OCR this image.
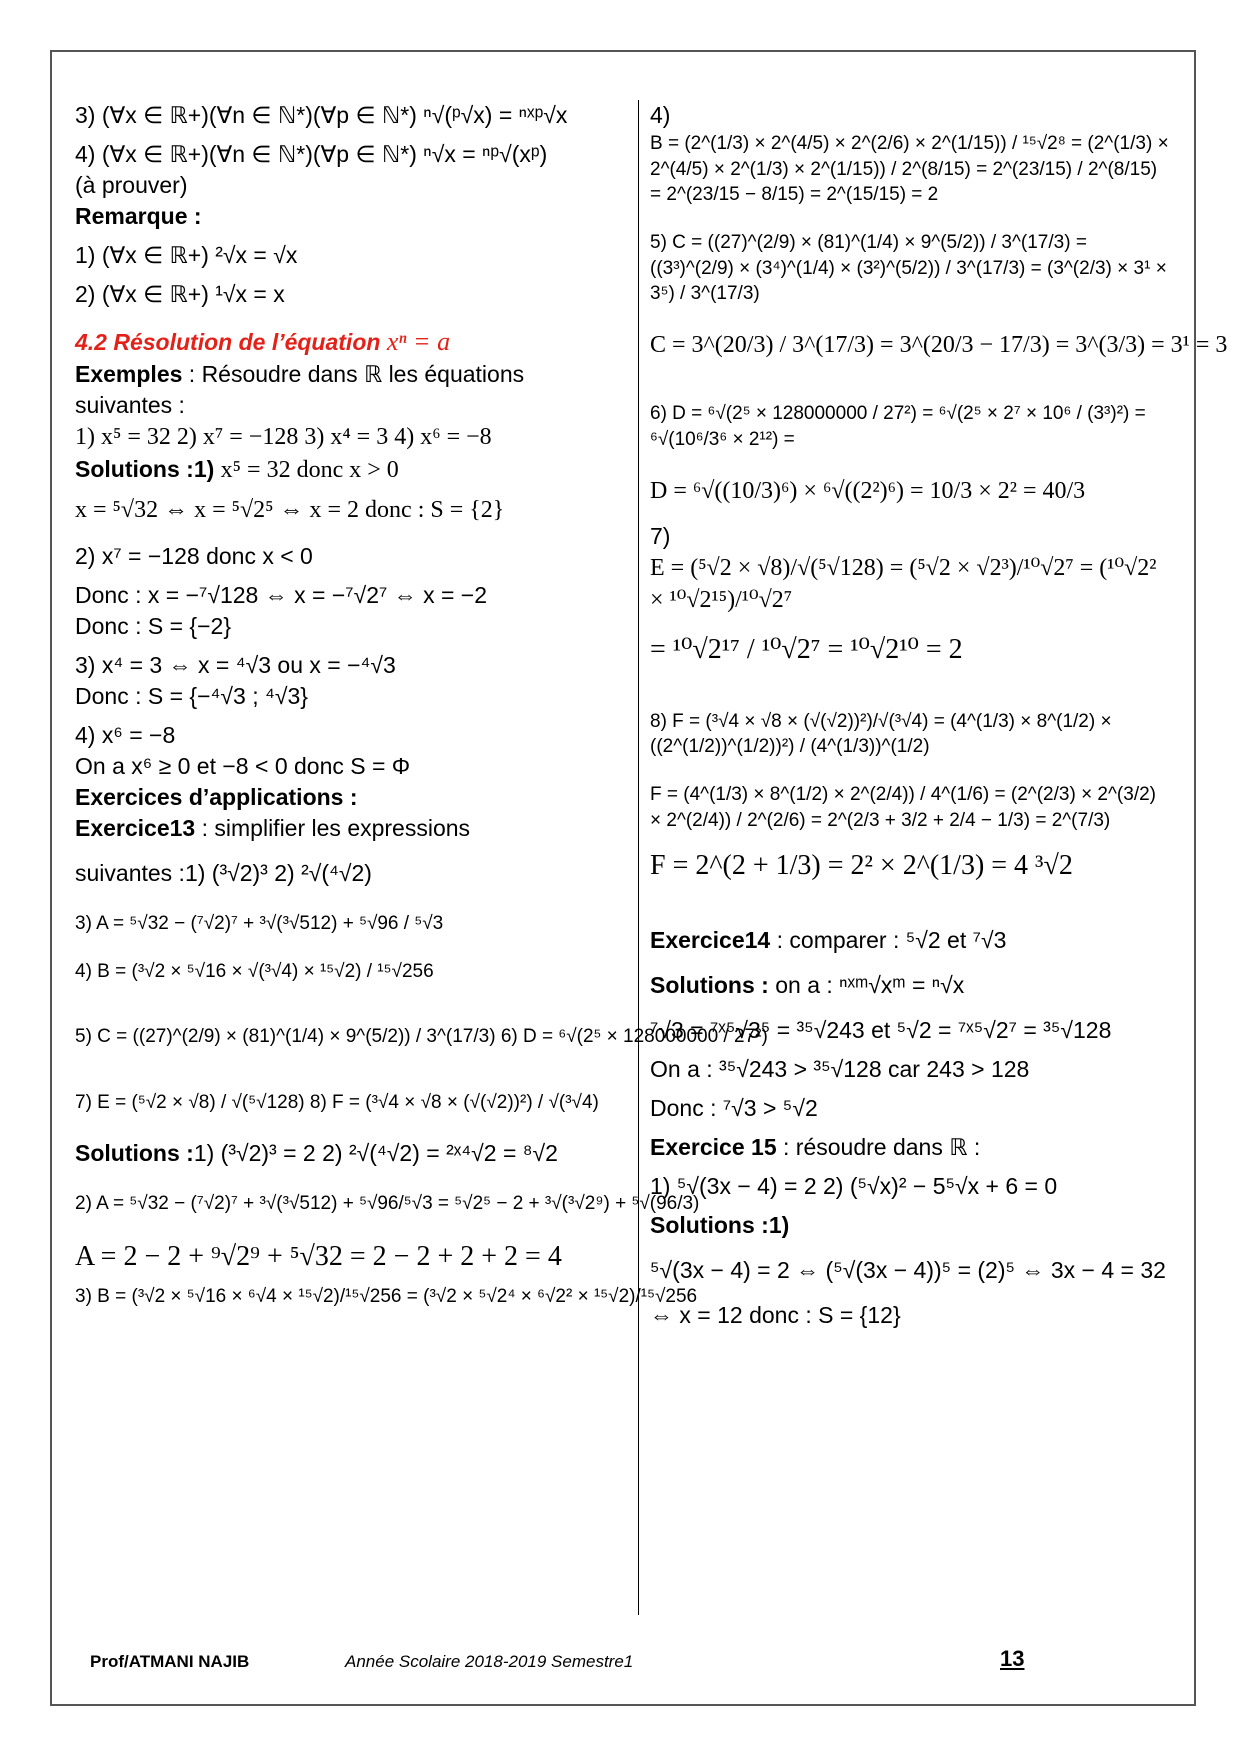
3) (∀x ∈ ℝ+)(∀n ∈ ℕ*)(∀p ∈ ℕ*) ⁿ√(ᵖ√x) = ⁿˣᵖ√x
4) (∀x ∈ ℝ+)(∀n ∈ ℕ*)(∀p ∈ ℕ*) ⁿ√x = ⁿᵖ√(xᵖ)
(à prouver)
Remarque :
1) (∀x ∈ ℝ+) ²√x = √x
2) (∀x ∈ ℝ+) ¹√x = x
4.2 Résolution de l’équation xⁿ = a
Exemples : Résoudre dans ℝ les équations
suivantes :
1) x⁵ = 32 2) x⁷ = −128 3) x⁴ = 3 4) x⁶ = −8
Solutions :1) x⁵ = 32 donc x > 0
x = ⁵√32 ⇔ x = ⁵√2⁵ ⇔ x = 2 donc : S = {2}
2) x⁷ = −128 donc x < 0
Donc : x = −⁷√128 ⇔ x = −⁷√2⁷ ⇔ x = −2
Donc : S = {−2}
3) x⁴ = 3 ⇔ x = ⁴√3 ou x = −⁴√3
Donc : S = {−⁴√3 ; ⁴√3}
4) x⁶ = −8
On a x⁶ ≥ 0 et −8 < 0 donc S = Φ
Exercices d’applications :
Exercice13 : simplifier les expressions
suivantes :1) (³√2)³ 2) ²√(⁴√2)
3) A = ⁵√32 − (⁷√2)⁷ + ³√(³√512) + ⁵√96 / ⁵√3
4) B = (³√2 × ⁵√16 × √(³√4) × ¹⁵√2) / ¹⁵√256
5) C = ((27)^(2/9) × (81)^(1/4) × 9^(5/2)) / 3^(17/3) 6) D = ⁶√(2⁵ × 128000000 / 27²)
7) E = (⁵√2 × √8) / √(⁵√128) 8) F = (³√4 × √8 × (√(√2))²) / √(³√4)
Solutions :1) (³√2)³ = 2 2) ²√(⁴√2) = ²ˣ⁴√2 = ⁸√2
2) A = ⁵√32 − (⁷√2)⁷ + ³√(³√512) + ⁵√96/⁵√3 = ⁵√2⁵ − 2 + ³√(³√2⁹) + ⁵√(96/3)
A = 2 − 2 + ⁹√2⁹ + ⁵√32 = 2 − 2 + 2 + 2 = 4
3) B = (³√2 × ⁵√16 × ⁶√4 × ¹⁵√2)/¹⁵√256 = (³√2 × ⁵√2⁴ × ⁶√2² × ¹⁵√2)/¹⁵√256
4)
B = (2^(1/3) × 2^(4/5) × 2^(2/6) × 2^(1/15)) / ¹⁵√2⁸ = (2^(1/3) × 2^(4/5) × 2^(1/3) × 2^(1/15)) / 2^(8/15) = 2^(23/15) / 2^(8/15) = 2^(23/15 − 8/15) = 2^(15/15) = 2
5) C = ((27)^(2/9) × (81)^(1/4) × 9^(5/2)) / 3^(17/3) = ((3³)^(2/9) × (3⁴)^(1/4) × (3²)^(5/2)) / 3^(17/3) = (3^(2/3) × 3¹ × 3⁵) / 3^(17/3)
C = 3^(20/3) / 3^(17/3) = 3^(20/3 − 17/3) = 3^(3/3) = 3¹ = 3
6) D = ⁶√(2⁵ × 128000000 / 27²) = ⁶√(2⁵ × 2⁷ × 10⁶ / (3³)²) = ⁶√(10⁶/3⁶ × 2¹²) =
D = ⁶√((10/3)⁶) × ⁶√((2²)⁶) = 10/3 × 2² = 40/3
7)
E = (⁵√2 × √8)/√(⁵√128) = (⁵√2 × √2³)/¹⁰√2⁷ = (¹⁰√2² × ¹⁰√2¹⁵)/¹⁰√2⁷
= ¹⁰√2¹⁷ / ¹⁰√2⁷ = ¹⁰√2¹⁰ = 2
8) F = (³√4 × √8 × (√(√2))²)/√(³√4) = (4^(1/3) × 8^(1/2) × ((2^(1/2))^(1/2))²) / (4^(1/3))^(1/2)
F = (4^(1/3) × 8^(1/2) × 2^(2/4)) / 4^(1/6) = (2^(2/3) × 2^(3/2) × 2^(2/4)) / 2^(2/6) = 2^(2/3 + 3/2 + 2/4 − 1/3) = 2^(7/3)
F = 2^(2 + 1/3) = 2² × 2^(1/3) = 4 ³√2
Exercice14 : comparer : ⁵√2 et ⁷√3
Solutions : on a : ⁿˣᵐ√xᵐ = ⁿ√x
⁷√3 = ⁷ˣ⁵√3⁵ = ³⁵√243 et ⁵√2 = ⁷ˣ⁵√2⁷ = ³⁵√128
On a : ³⁵√243 > ³⁵√128 car 243 > 128
Donc : ⁷√3 > ⁵√2
Exercice 15 : résoudre dans ℝ :
1) ⁵√(3x − 4) = 2 2) (⁵√x)² − 5⁵√x + 6 = 0
Solutions :1)
⁵√(3x − 4) = 2 ⇔ (⁵√(3x − 4))⁵ = (2)⁵ ⇔ 3x − 4 = 32
⇔ x = 12 donc : S = {12}
Prof/ATMANI NAJIB	Année Scolaire 2018-2019 Semestre1	13
